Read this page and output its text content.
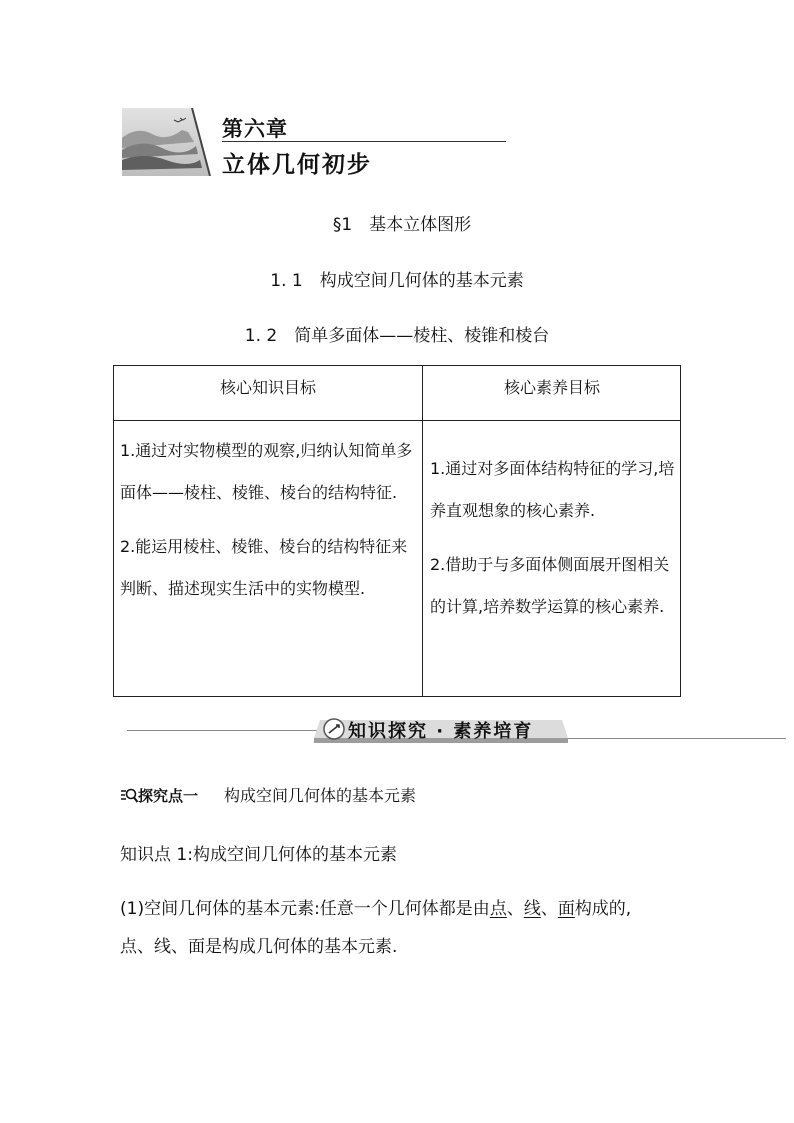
第六章
立体几何初步
§1　基本立体图形
1. 1　构成空间几何体的基本元素
1. 2　简单多面体——棱柱、棱锥和棱台
核心知识目标	核心素养目标

1.通过对实物模型的观察,归纳认知简单多面体——棱柱、棱锥、棱台的结构特征.

2.能运用棱柱、棱锥、棱台的结构特征来判断、描述现实生活中的实物模型.

1.通过对多面体结构特征的学习,培养直观想象的核心素养.

2.借助于与多面体侧面展开图相关的计算,培养数学运算的核心素养.

知识探究 · 素养培育
探究点一 构成空间几何体的基本元素
知识点 1:构成空间几何体的基本元素
(1)空间几何体的基本元素:任意一个几何体都是由点、线、面构成的,
点、线、面是构成几何体的基本元素.
